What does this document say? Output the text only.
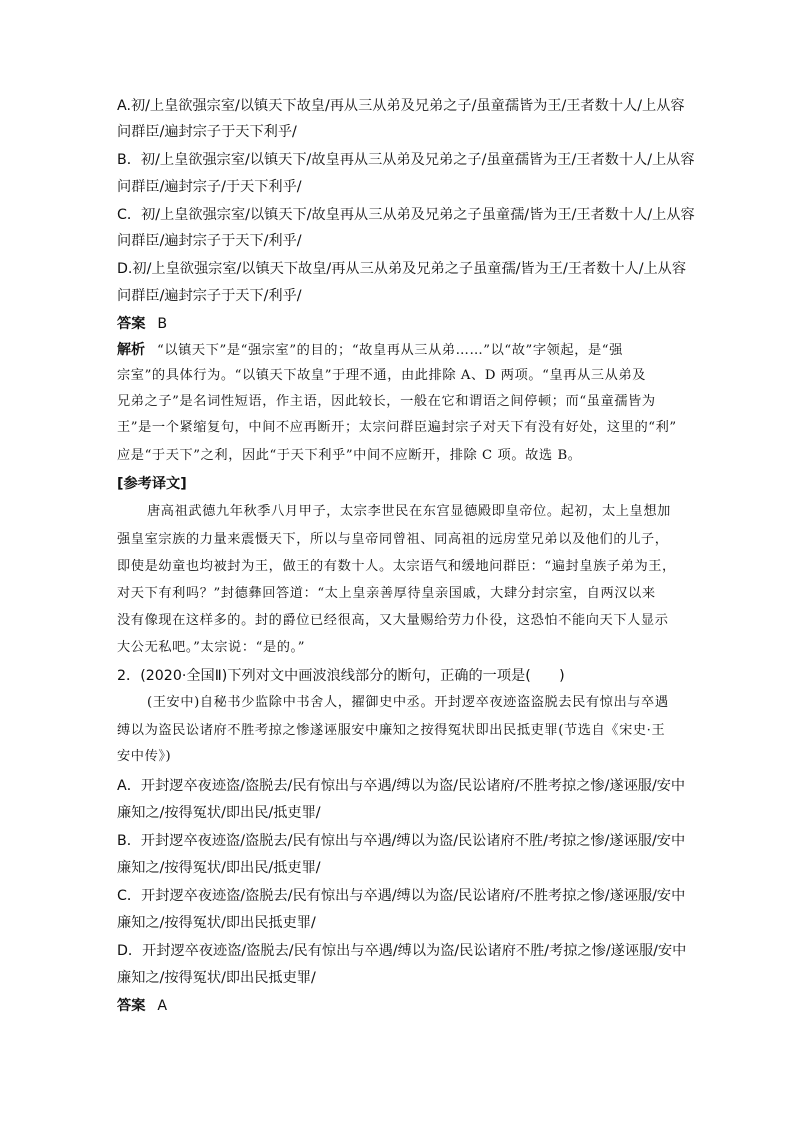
A.初/上皇欲强宗室/以镇天下故皇/再从三从弟及兄弟之子/虽童孺皆为王/王者数十人/上从容
问群臣/遍封宗子于天下利乎/
B．初/上皇欲强宗室/以镇天下/故皇再从三从弟及兄弟之子/虽童孺皆为王/王者数十人/上从容
问群臣/遍封宗子/于天下利乎/
C．初/上皇欲强宗室/以镇天下/故皇再从三从弟及兄弟之子虽童孺/皆为王/王者数十人/上从容
问群臣/遍封宗子于天下/利乎/
D.初/上皇欲强宗室/以镇天下故皇/再从三从弟及兄弟之子虽童孺/皆为王/王者数十人/上从容
问群臣/遍封宗子于天下/利乎/
答案 B
解析 “以镇天下”是“强宗室”的目的；“故皇再从三从弟……”以“故”字领起，是“强
宗室”的具体行为。“以镇天下故皇”于理不通，由此排除 A、D 两项。“皇再从三从弟及
兄弟之子”是名词性短语，作主语，因此较长，一般在它和谓语之间停顿；而“虽童孺皆为
王”是一个紧缩复句，中间不应再断开；太宗问群臣遍封宗子对天下有没有好处，这里的“利”
应是“于天下”之利，因此“于天下利乎”中间不应断开，排除 C 项。故选 B。
[参考译文]
唐高祖武德九年秋季八月甲子，太宗李世民在东宫显德殿即皇帝位。起初，太上皇想加
强皇室宗族的力量来震慑天下，所以与皇帝同曾祖、同高祖的远房堂兄弟以及他们的儿子，
即使是幼童也均被封为王，做王的有数十人。太宗语气和缓地问群臣：“遍封皇族子弟为王，
对天下有利吗？”封德彝回答道：“太上皇亲善厚待皇亲国戚，大肆分封宗室，自两汉以来
没有像现在这样多的。封的爵位已经很高，又大量赐给劳力仆役，这恐怕不能向天下人显示
大公无私吧。”太宗说：“是的。”
2．(2020·全国Ⅱ)下列对文中画波浪线部分的断句，正确的一项是(　　)
(王安中)自秘书少监除中书舍人，擢御史中丞。开封逻卒夜迹盗盗脱去民有惊出与卒遇
缚以为盗民讼诸府不胜考掠之惨遂诬服安中廉知之按得冤状即出民抵吏罪(节选自《宋史·王
安中传》)
A．开封逻卒夜迹盗/盗脱去/民有惊出与卒遇/缚以为盗/民讼诸府/不胜考掠之惨/遂诬服/安中
廉知之/按得冤状/即出民/抵吏罪/
B．开封逻卒夜迹盗/盗脱去/民有惊出与卒遇/缚以为盗/民讼诸府不胜/考掠之惨/遂诬服/安中
廉知之/按得冤状/即出民/抵吏罪/
C．开封逻卒夜迹盗/盗脱去/民有惊出与卒遇/缚以为盗/民讼诸府/不胜考掠之惨/遂诬服/安中
廉知之/按得冤状/即出民抵吏罪/
D．开封逻卒夜迹盗/盗脱去/民有惊出与卒遇/缚以为盗/民讼诸府不胜/考掠之惨/遂诬服/安中
廉知之/按得冤状/即出民抵吏罪/
答案 A
